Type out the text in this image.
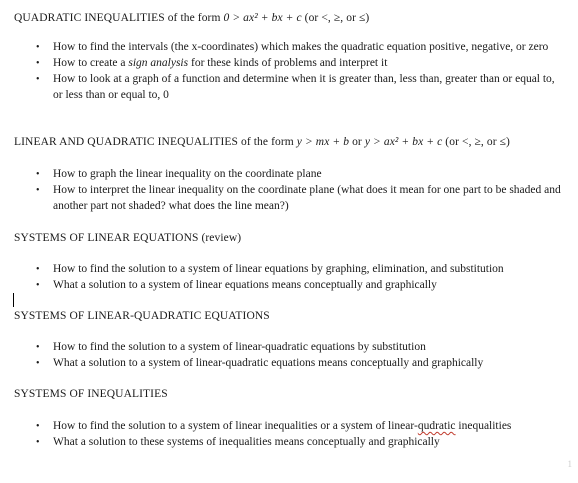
QUADRATIC INEQUALITIES of the form 0 > ax² + bx + c (or <, ≥, or ≤)
• How to find the intervals (the x-coordinates) which makes the quadratic equation positive, negative, or zero
• How to create a sign analysis for these kinds of problems and interpret it
• How to look at a graph of a function and determine when it is greater than, less than, greater than or equal to, or less than or equal to, 0
LINEAR AND QUADRATIC INEQUALITIES of the form y > mx + b or y > ax² + bx + c (or <, ≥, or ≤)
• How to graph the linear inequality on the coordinate plane
• How to interpret the linear inequality on the coordinate plane (what does it mean for one part to be shaded and another part not shaded? what does the line mean?)
SYSTEMS OF LINEAR EQUATIONS (review)
• How to find the solution to a system of linear equations by graphing, elimination, and substitution
• What a solution to a system of linear equations means conceptually and graphically
SYSTEMS OF LINEAR-QUADRATIC EQUATIONS
• How to find the solution to a system of linear-quadratic equations by substitution
• What a solution to a system of linear-quadratic equations means conceptually and graphically
SYSTEMS OF INEQUALITIES
• How to find the solution to a system of linear inequalities or a system of linear-qudratic inequalities
• What a solution to these systems of inequalities means conceptually and graphically
1
